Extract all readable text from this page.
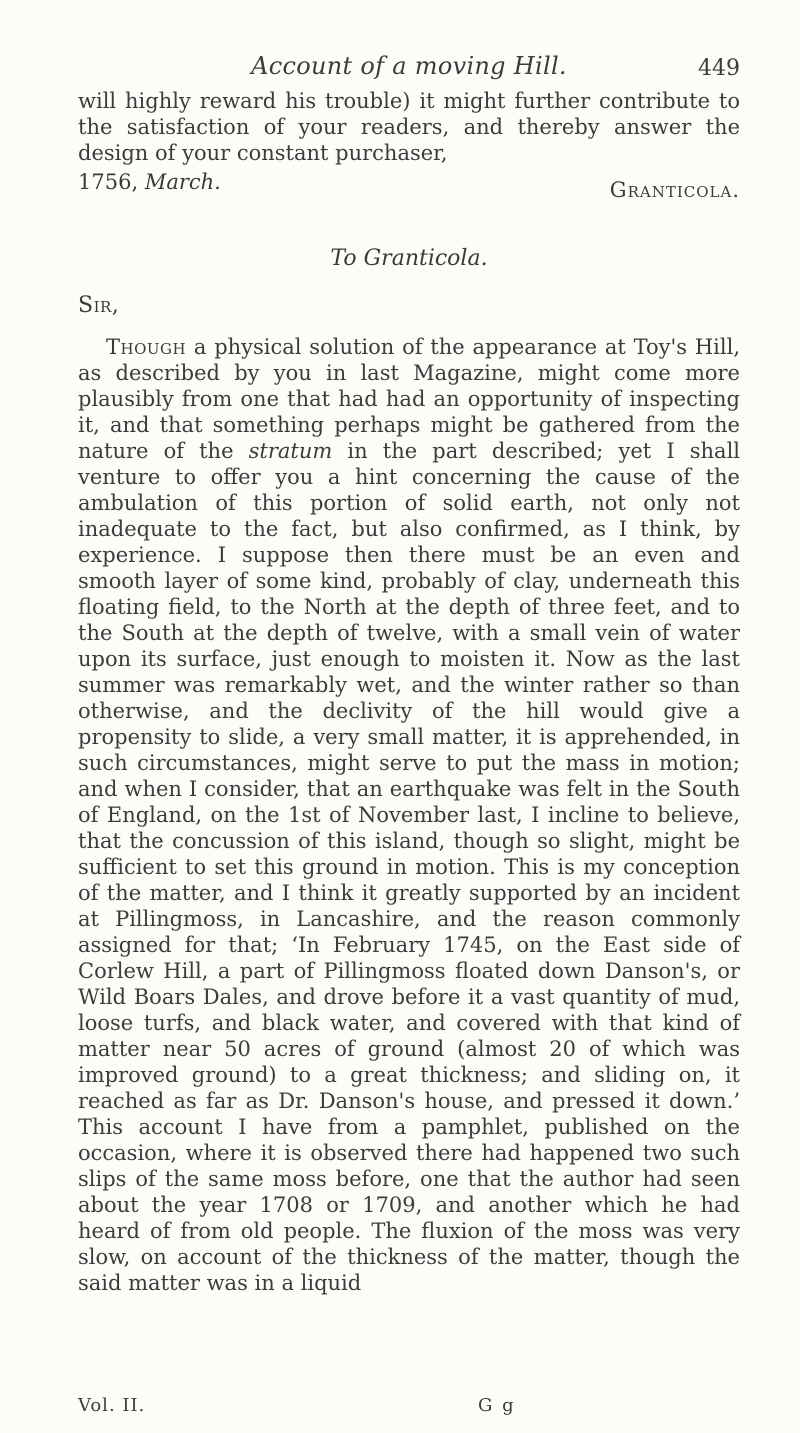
Account of a moving Hill.	449

will highly reward his trouble) it might further contribute to the satisfaction of your readers, and thereby answer the design of your constant purchaser,

1756, March.	Granticola.
To Granticola.
Sir,

Though a physical solution of the appearance at Toy's Hill, as described by you in last Magazine, might come more plausibly from one that had had an opportunity of inspecting it, and that something perhaps might be gathered from the nature of the stratum in the part described; yet I shall venture to offer you a hint concerning the cause of the ambulation of this portion of solid earth, not only not inadequate to the fact, but also confirmed, as I think, by experience. I suppose then there must be an even and smooth layer of some kind, probably of clay, underneath this floating field, to the North at the depth of three feet, and to the South at the depth of twelve, with a small vein of water upon its surface, just enough to moisten it. Now as the last summer was remarkably wet, and the winter rather so than otherwise, and the declivity of the hill would give a propensity to slide, a very small matter, it is apprehended, in such circumstances, might serve to put the mass in motion; and when I consider, that an earthquake was felt in the South of England, on the 1st of November last, I incline to believe, that the concussion of this island, though so slight, might be sufficient to set this ground in motion. This is my conception of the matter, and I think it greatly supported by an incident at Pillingmoss, in Lancashire, and the reason commonly assigned for that; ‘In February 1745, on the East side of Corlew Hill, a part of Pillingmoss floated down Danson's, or Wild Boars Dales, and drove before it a vast quantity of mud, loose turfs, and black water, and covered with that kind of matter near 50 acres of ground (almost 20 of which was improved ground) to a great thickness; and sliding on, it reached as far as Dr. Danson's house, and pressed it down.’ This account I have from a pamphlet, published on the occasion, where it is observed there had happened two such slips of the same moss before, one that the author had seen about the year 1708 or 1709, and another which he had heard of from old people. The fluxion of the moss was very slow, on account of the thickness of the matter, though the said matter was in a liquid

Vol. II.	G g
